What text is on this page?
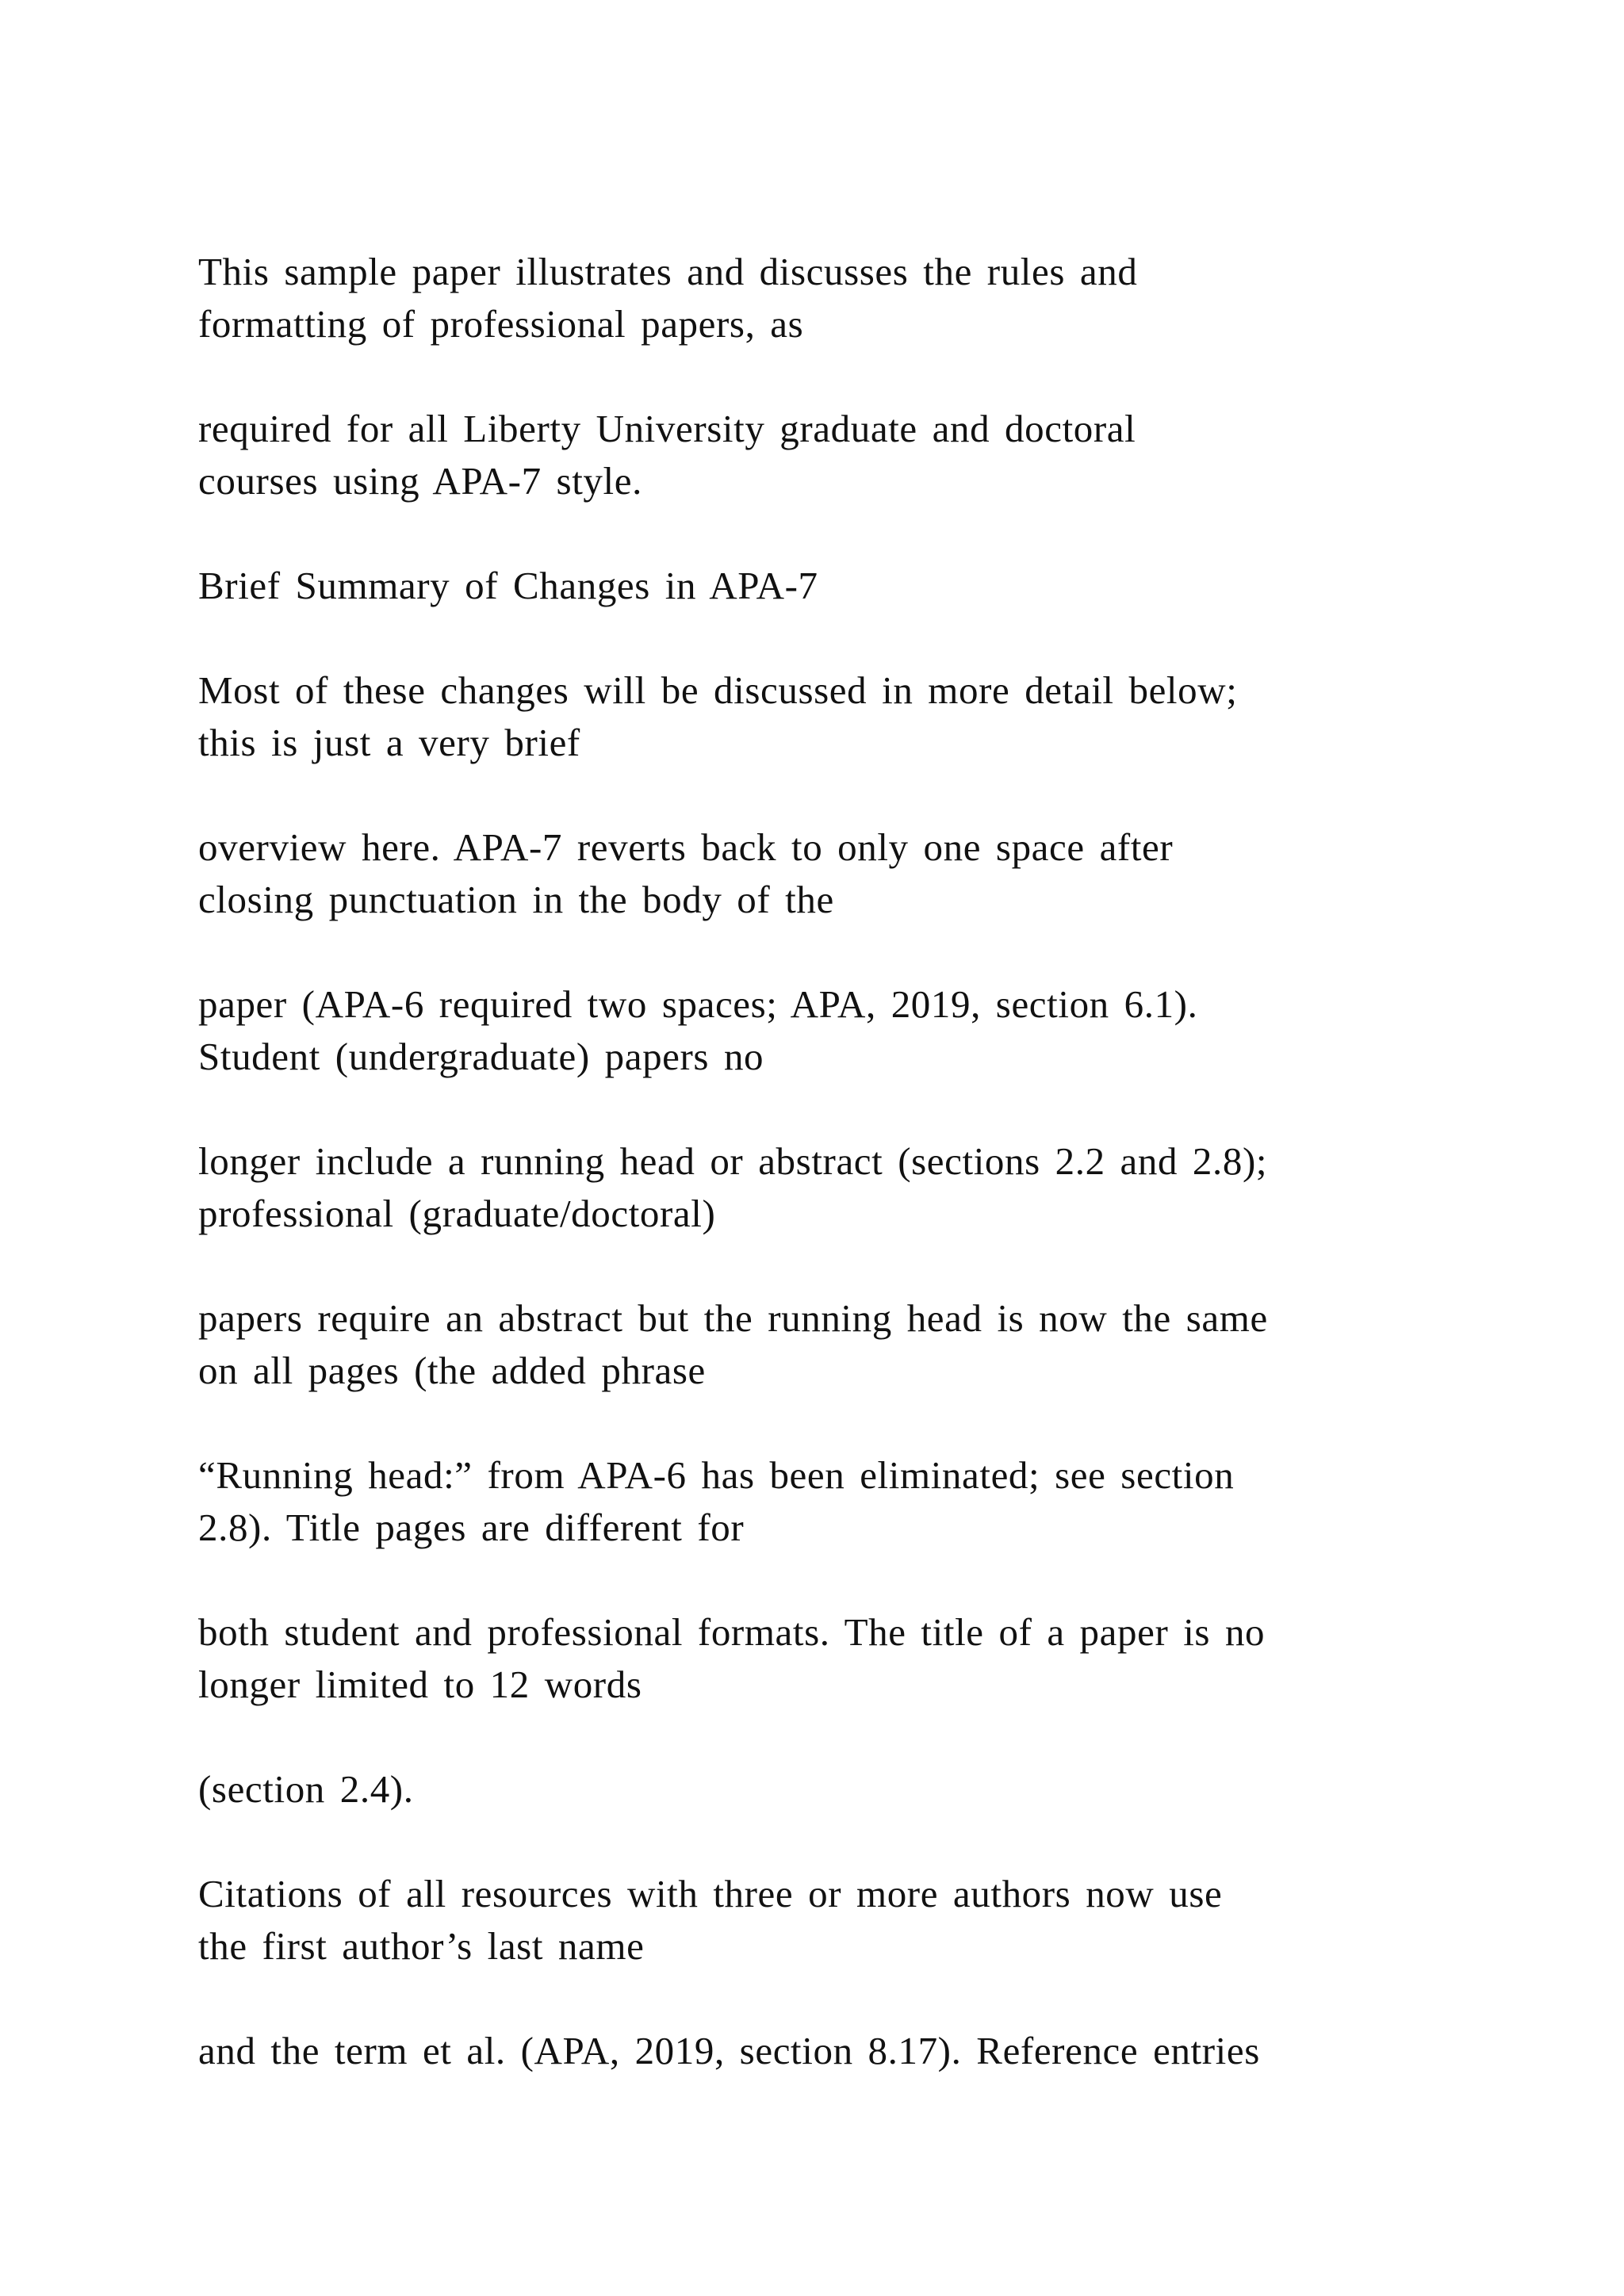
This sample paper illustrates and discusses the rules and
formatting of professional papers, as

required for all Liberty University graduate and doctoral
courses using APA-7 style.

Brief Summary of Changes in APA-7

Most of these changes will be discussed in more detail below;
this is just a very brief

overview here. APA-7 reverts back to only one space after
closing punctuation in the body of the

paper (APA-6 required two spaces; APA, 2019, section 6.1).
Student (undergraduate) papers no

longer include a running head or abstract (sections 2.2 and 2.8);
professional (graduate/doctoral)

papers require an abstract but the running head is now the same
on all pages (the added phrase

“Running head:” from APA-6 has been eliminated; see section
2.8). Title pages are different for

both student and professional formats. The title of a paper is no
longer limited to 12 words

(section 2.4).

Citations of all resources with three or more authors now use
the first author’s last name

and the term et al. (APA, 2019, section 8.17). Reference entries
